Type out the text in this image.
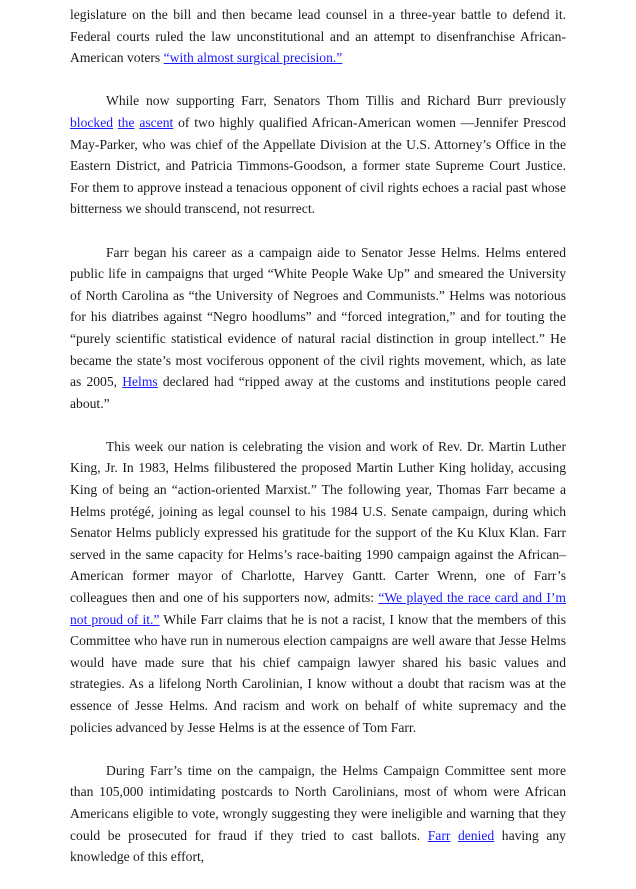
legislature on the bill and then became lead counsel in a three-year battle to defend it. Federal courts ruled the law unconstitutional and an attempt to disenfranchise African-American voters “with almost surgical precision.”

While now supporting Farr, Senators Thom Tillis and Richard Burr previously blocked the ascent of two highly qualified African-American women —Jennifer Prescod May-Parker, who was chief of the Appellate Division at the U.S. Attorney’s Office in the Eastern District, and Patricia Timmons-Goodson, a former state Supreme Court Justice. For them to approve instead a tenacious opponent of civil rights echoes a racial past whose bitterness we should transcend, not resurrect.

Farr began his career as a campaign aide to Senator Jesse Helms. Helms entered public life in campaigns that urged “White People Wake Up” and smeared the University of North Carolina as “the University of Negroes and Communists.” Helms was notorious for his diatribes against “Negro hoodlums” and “forced integration,” and for touting the “purely scientific statistical evidence of natural racial distinction in group intellect.” He became the state’s most vociferous opponent of the civil rights movement, which, as late as 2005, Helms declared had “ripped away at the customs and institutions people cared about.”

This week our nation is celebrating the vision and work of Rev. Dr. Martin Luther King, Jr. In 1983, Helms filibustered the proposed Martin Luther King holiday, accusing King of being an “action-oriented Marxist.” The following year, Thomas Farr became a Helms protégé, joining as legal counsel to his 1984 U.S. Senate campaign, during which Senator Helms publicly expressed his gratitude for the support of the Ku Klux Klan. Farr served in the same capacity for Helms’s race-baiting 1990 campaign against the African–American former mayor of Charlotte, Harvey Gantt. Carter Wrenn, one of Farr’s colleagues then and one of his supporters now, admits: “We played the race card and I’m not proud of it.” While Farr claims that he is not a racist, I know that the members of this Committee who have run in numerous election campaigns are well aware that Jesse Helms would have made sure that his chief campaign lawyer shared his basic values and strategies. As a lifelong North Carolinian, I know without a doubt that racism was at the essence of Jesse Helms. And racism and work on behalf of white supremacy and the policies advanced by Jesse Helms is at the essence of Tom Farr.

During Farr’s time on the campaign, the Helms Campaign Committee sent more than 105,000 intimidating postcards to North Carolinians, most of whom were African Americans eligible to vote, wrongly suggesting they were ineligible and warning that they could be prosecuted for fraud if they tried to cast ballots. Farr denied having any knowledge of this effort,
